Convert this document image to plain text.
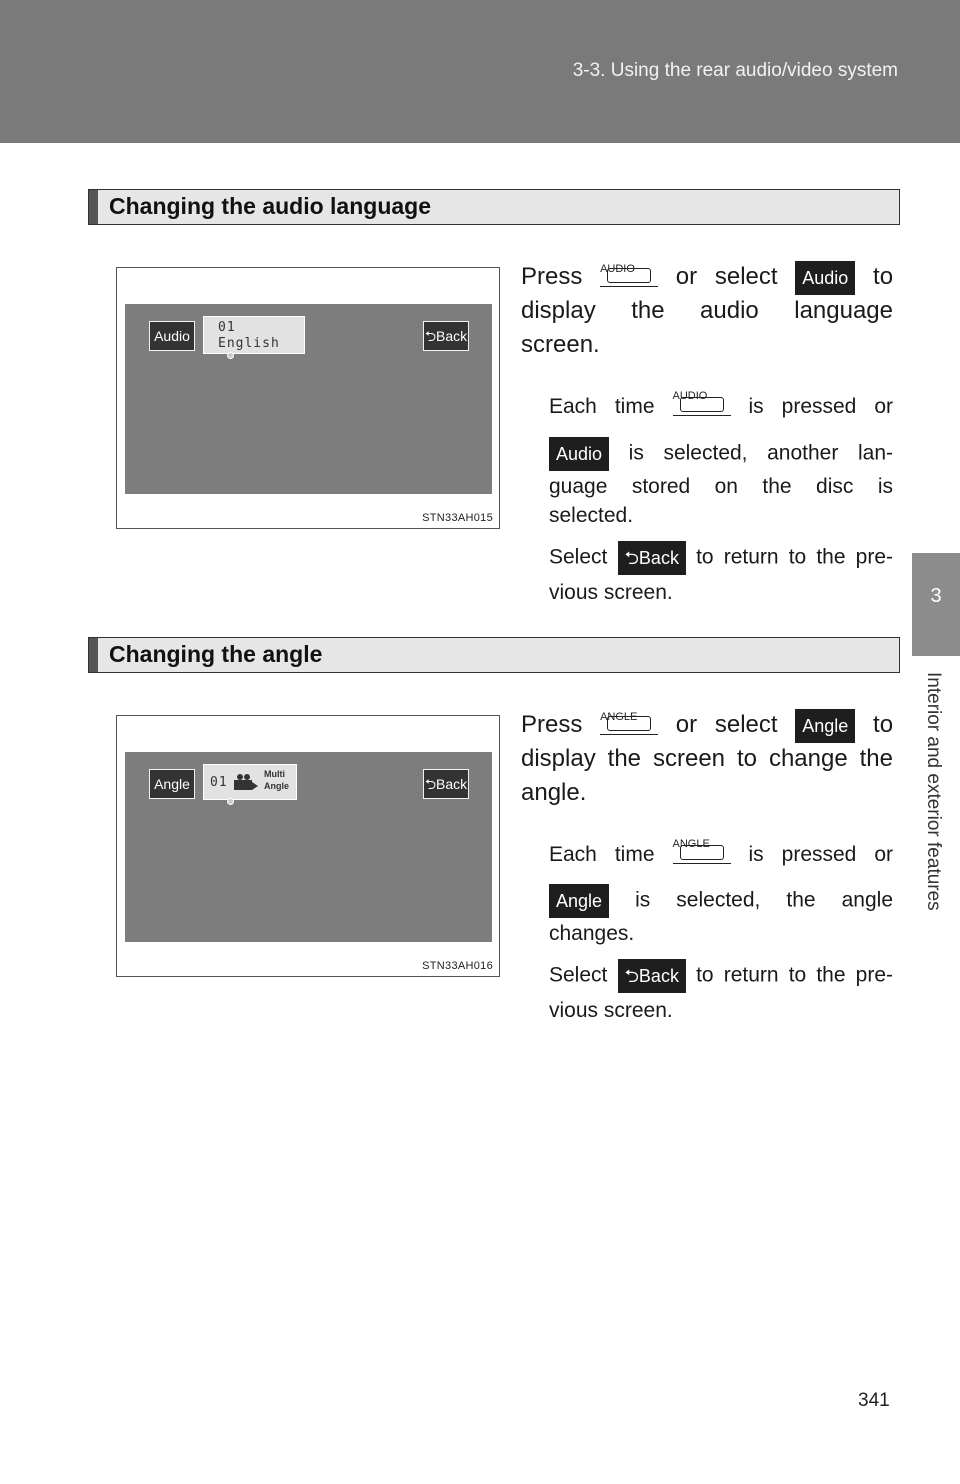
3-3. Using the rear audio/video system
3
Interior and exterior features
Changing the audio language
Audio
01
English	⮌ Back
STN33AH015
Press AUDIO	or select Audio to
display the audio language
screen.
Each time AUDIO	is pressed or
Audio is selected, another lan-
guage stored on the disc is
selected.
Select ⮌Back to return to the pre-
vious screen.
Changing the angle
Angle	01
Multi
Angle	⮌ Back
STN33AH016
Press ANGLE	or select Angle to
display the screen to change the
angle.
Each time ANGLE	is pressed or
Angle is selected, the angle
changes.
Select ⮌Back to return to the pre-
vious screen.
341
